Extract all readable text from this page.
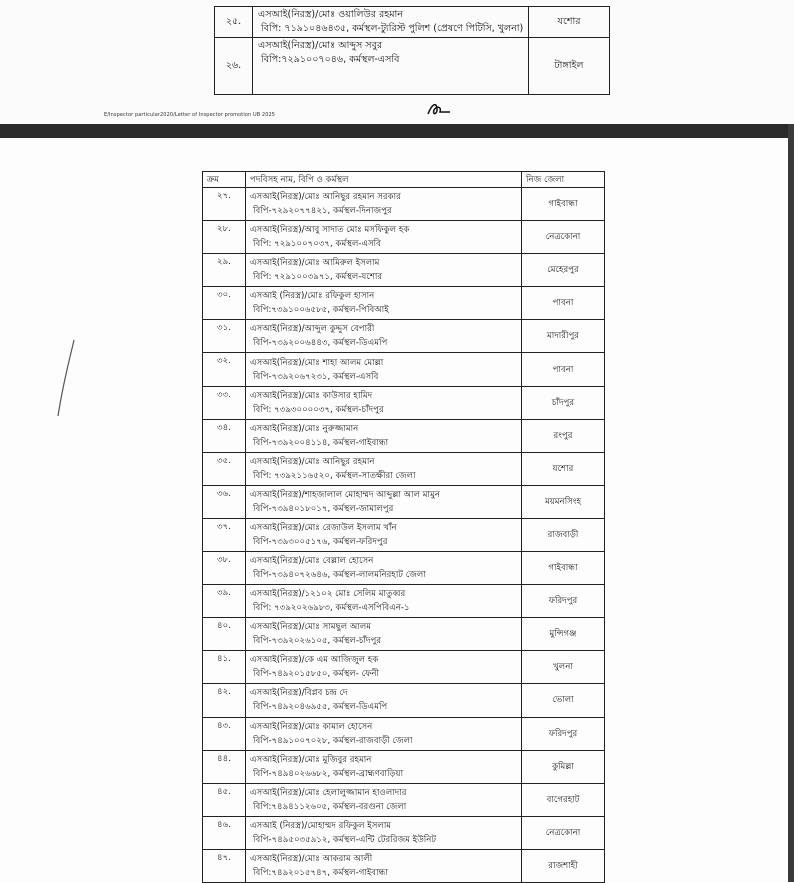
২৫.	এসআই(নিরস্ত্র)/মোঃ ওয়ালিউর রহমান
বিপি: ৭১৯১০৪৬৪৩৫, কর্মস্থল-ট্যুরিস্ট পুলিশ (প্রেষণে পিটিসি, খুলনা)	যশোর
২৬.	এসআই(নিরস্ত্র)/মোঃ আব্দুস সবুর
বিপি:৭২৯১০০৭০৪৬, কর্মস্থল-এসবি	টাঙ্গাইল
E/Inspector particular2020/Letter of Inspector promotion UB 2025
ক্রম	পদবিসহ নাম, বিপি ও কর্মস্থল	নিজ জেলা
২৭.	এসআই(নিরস্ত্র)/মোঃ আনিছুর রহমান সরকার
বিপি-৭২৯২০৭৭৪২১, কর্মস্থল-দিনাজপুর	গাইবান্ধা
২৮.	এসআই(নিরস্ত্র)/আবু সাদাত মোঃ মসফিকুল হক
বিপি: ৭২৯১০০৭০৩৭, কর্মস্থল-এসবি	নেত্রকোনা
২৯.	এসআই(নিরস্ত্র)/মোঃ আমিরুল ইসলাম
বিপি: ৭২৯১০০৩৯৭১, কর্মস্থল-যশোর	মেহেরপুর
৩০.	এসআই (নিরস্ত্র)/মোঃ রফিকুল হাসান
বিপি:৭৩৯১০০৬৫৮৫, কর্মস্থল-পিবিআই	পাবনা
৩১.	এসআই(নিরস্ত্র)/আব্দুল কুদ্দুস বেপারী
বিপি-৭৩৯২০০৬৪৪৩, কর্মস্থল-ডিএমপি	মাদারীপুর
৩২.	এসআই(নিরস্ত্র)/মোঃ শাহা আলম মোল্লা
বিপি-৭৩৯২০৬৭২৩১, কর্মস্থল-এসবি	পাবনা
৩৩.	এসআই(নিরস্ত্র)/মোঃ কাউসার হামিদ
বিপি: ৭৩৯৩০০০০৩৭, কর্মস্থল-চাঁদপুর	চাঁদপুর
৩৪.	এসআই(নিরস্ত্র)/মোঃ নুরুজ্জামান
বিপি-৭৩৯২০০৪১১৪, কর্মস্থল-গাইবান্ধা	রংপুর
৩৫.	এসআই(নিরস্ত্র)/মোঃ আনিছুর রহমান
বিপি: ৭৩৯২১১৬৫২০, কর্মস্থল-সাতক্ষীরা জেলা	যশোর
৩৬.	এসআই(নিরস্ত্র)/শাহজালাল মোহাম্মদ আব্দুল্লা আল মামুন
বিপি-৭৩৯৪০১৮০১৭, কর্মস্থল-জামালপুর	ময়মনসিংহ
৩৭.	এসআই(নিরস্ত্র)/মোঃ রেজাউল ইসলাম খাঁন
বিপি-৭৩৯৩০০৫১৭৬, কর্মস্থল-ফরিদপুর	রাজবাড়ী
৩৮.	এসআই(নিরস্ত্র)/মোঃ বেল্লাল হোসেন
বিপি-৭৩৯৪০৭২৬৪৬, কর্মস্থল-লালমনিরহাট জেলা	গাইবান্ধা
৩৯.	এসআই(নিরস্ত্র)/১২১০২ মোঃ সেলিম মাতুব্বর
বিপি: ৭৩৯২০২৬৯৮৩, কর্মস্থল-এসপিবিএন-১	ফরিদপুর
৪০.	এসআই(নিরস্ত্র)/মোঃ সামছুল আলম
বিপি-৭৩৯২০২৬১০৫, কর্মস্থল-চাঁদপুর	মুন্সিগঞ্জ
৪১.	এসআই(নিরস্ত্র)/কে এম আজিজুল হক
বিপি-৭৪৯২০১৫৮৫০, কর্মস্থল- ফেনী	খুলনা
৪২.	এসআই(নিরস্ত্র)/বিপ্লব চন্দ্র দে
বিপি-৭৪৯২০৪৬৯৫৫, কর্মস্থল-ডিএমপি	ভোলা
৪৩.	এসআই(নিরস্ত্র)/মোঃ কামাল হোসেন
বিপি-৭৪৯১০০৭০২৮, কর্মস্থল-রাজবাড়ী জেলা	ফরিদপুর
৪৪.	এসআই(নিরস্ত্র)/মোঃ মুজিবুর রহমান
বিপি-৭৪৯৪০২৬৬৮২, কর্মস্থল-ব্রাহ্মণবাড়িয়া	কুমিল্লা
৪৫.	এসআই(নিরস্ত্র)/মোঃ হেলালুজ্জামান হাওলাদার
বিপি:৭৪৯৪১১২৬০৫, কর্মস্থল-বরগুনা জেলা	বাগেরহাট
৪৬.	এসআই (নিরস্ত্র)/মোহাম্মদ রফিকুল ইসলাম
বিপি-৭৪৯৫০৩৫৯১২, কর্মস্থল-এন্টি টেররিজম ইউনিট	নেত্রকোনা
৪৭.	এসআই(নিরস্ত্র)/মোঃ আকরাম আলী
বিপি:৭৪৯২০১৫৭৪৭, কর্মস্থল-গাইবান্ধা	রাজশাহী
